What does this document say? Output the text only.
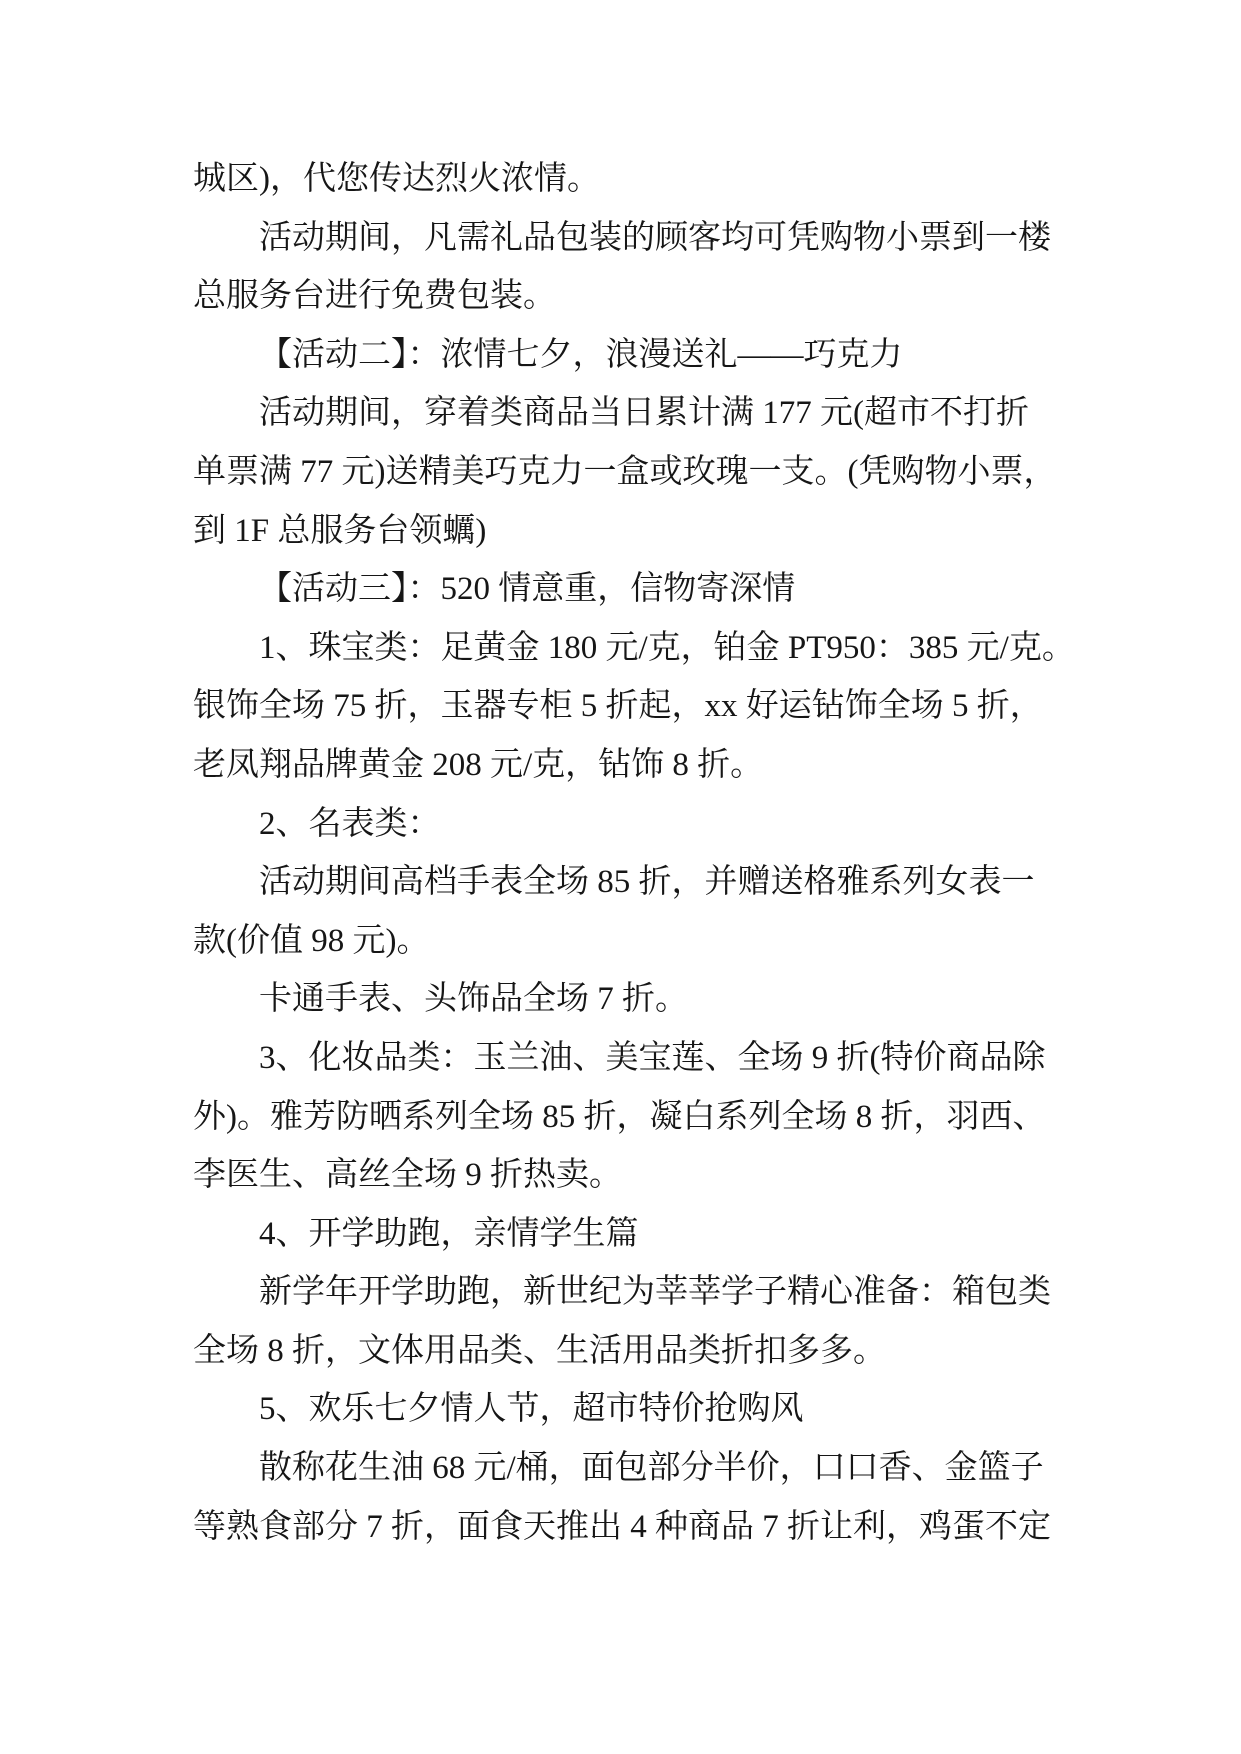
城区)，代您传达烈火浓情。
活动期间，凡需礼品包装的顾客均可凭购物小票到一楼
总服务台进行免费包装。
【活动二】：浓情七夕，浪漫送礼——巧克力
活动期间，穿着类商品当日累计满 177 元(超市不打折
单票满 77 元)送精美巧克力一盒或玫瑰一支。(凭购物小票，
到 1F 总服务台领蠣)
【活动三】：520 情意重，信物寄深情
1、珠宝类：足黄金 180 元/克，铂金 PT950：385 元/克。
银饰全场 75 折，玉器专柜 5 折起，xx 好运钻饰全场 5 折，
老凤翔品牌黄金 208 元/克，钻饰 8 折。
2、名表类：
活动期间高档手表全场 85 折，并赠送格雅系列女表一
款(价值 98 元)。
卡通手表、头饰品全场 7 折。
3、化妆品类：玉兰油、美宝莲、全场 9 折(特价商品除
外)。雅芳防晒系列全场 85 折，凝白系列全场 8 折，羽西、
李医生、高丝全场 9 折热卖。
4、开学助跑，亲情学生篇
新学年开学助跑，新世纪为莘莘学子精心准备：箱包类
全场 8 折，文体用品类、生活用品类折扣多多。
5、欢乐七夕情人节，超市特价抢购风
散称花生油 68 元/桶，面包部分半价，口口香、金篮子
等熟食部分 7 折，面食天推出 4 种商品 7 折让利，鸡蛋不定
